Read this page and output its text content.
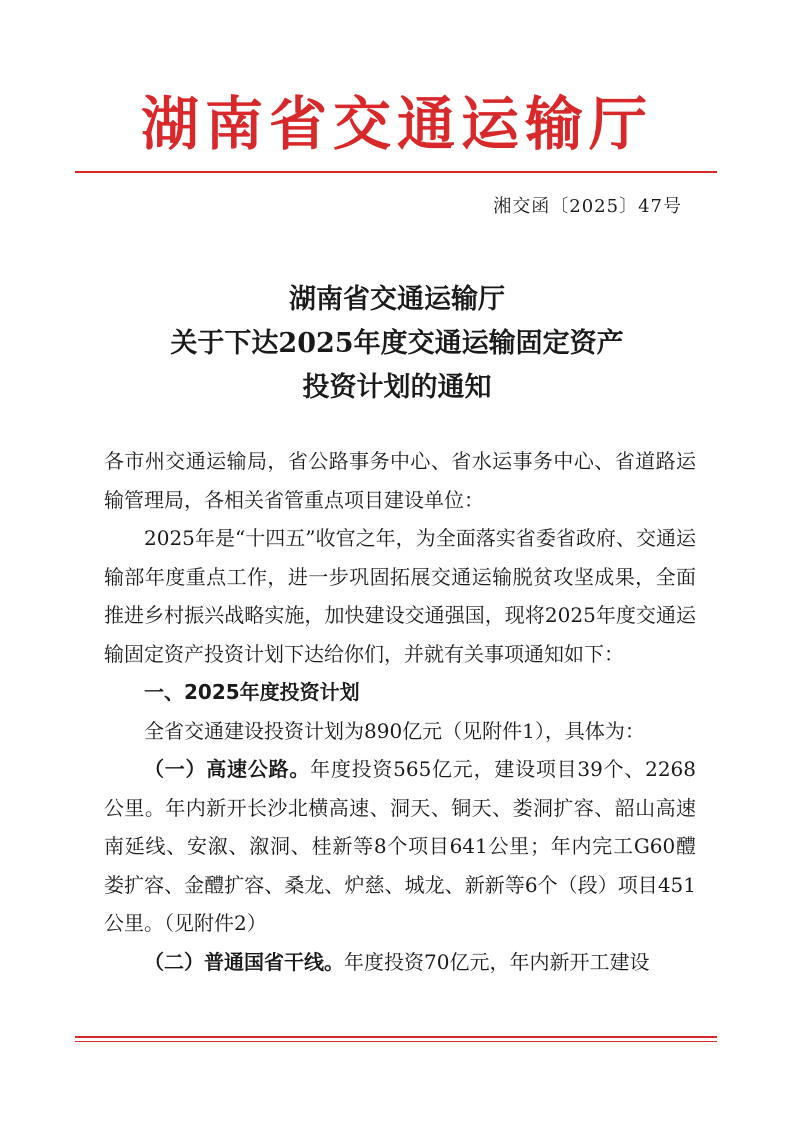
湖南省交通运输厅
湘交函〔2025〕47号
湖南省交通运输厅
关于下达2025年度交通运输固定资产
投资计划的通知

各市州交通运输局，省公路事务中心、省水运事务中心、省道路运输管理局，各相关省管重点项目建设单位：

2025年是“十四五”收官之年，为全面落实省委省政府、交通运输部年度重点工作，进一步巩固拓展交通运输脱贫攻坚成果，全面推进乡村振兴战略实施，加快建设交通强国，现将2025年度交通运输固定资产投资计划下达给你们，并就有关事项通知如下：

一、2025年度投资计划

全省交通建设投资计划为890亿元（见附件1），具体为：

（一）高速公路。年度投资565亿元，建设项目39个、2268公里。年内新开长沙北横高速、洞天、铜天、娄洞扩容、韶山高速南延线、安溆、溆洞、桂新等8个项目641公里；年内完工G60醴娄扩容、金醴扩容、桑龙、炉慈、城龙、新新等6个（段）项目451公里。（见附件2）

（二）普通国省干线。年度投资70亿元，年内新开工建设
